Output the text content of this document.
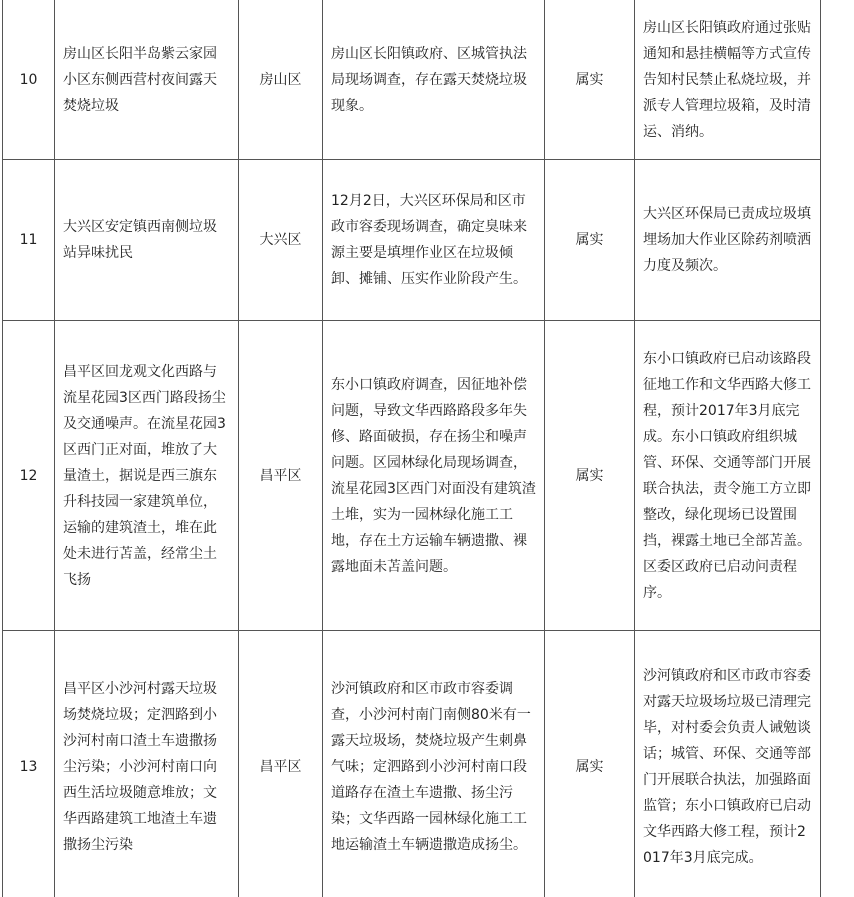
10	房山区长阳半岛紫云家园小区东侧西营村夜间露天焚烧垃圾	房山区	房山区长阳镇政府、区城管执法局现场调查，存在露天焚烧垃圾现象。	属实	房山区长阳镇政府通过张贴通知和悬挂横幅等方式宣传告知村民禁止私烧垃圾，并派专人管理垃圾箱，及时清运、消纳。
11	大兴区安定镇西南侧垃圾站异味扰民	大兴区	12月2日，大兴区环保局和区市政市容委现场调查，确定臭味来源主要是填埋作业区在垃圾倾卸、摊铺、压实作业阶段产生。	属实	大兴区环保局已责成垃圾填埋场加大作业区除药剂喷洒力度及频次。
12	昌平区回龙观文化西路与流星花园3区西门路段扬尘及交通噪声。在流星花园3区西门正对面，堆放了大量渣土，据说是西三旗东升科技园一家建筑单位，运输的建筑渣土，堆在此处未进行苫盖，经常尘土飞扬	昌平区	东小口镇政府调查，因征地补偿问题，导致文华西路路段多年失修、路面破损，存在扬尘和噪声问题。区园林绿化局现场调查，流星花园3区西门对面没有建筑渣土堆，实为一园林绿化施工工地，存在土方运输车辆遗撒、裸露地面未苫盖问题。	属实	东小口镇政府已启动该路段征地工作和文华西路大修工程，预计2017年3月底完成。东小口镇政府组织城管、环保、交通等部门开展联合执法，责令施工方立即整改，绿化现场已设置围挡，裸露土地已全部苫盖。区委区政府已启动问责程序。
13	昌平区小沙河村露天垃圾场焚烧垃圾；定泗路到小沙河村南口渣土车遗撒扬尘污染；小沙河村南口向西生活垃圾随意堆放；文华西路建筑工地渣土车遗撒扬尘污染	昌平区	沙河镇政府和区市政市容委调查，小沙河村南门南侧80米有一露天垃圾场，焚烧垃圾产生刺鼻气味；定泗路到小沙河村南口段道路存在渣土车遗撒、扬尘污染；文华西路一园林绿化施工工地运输渣土车辆遗撒造成扬尘。	属实	沙河镇政府和区市政市容委对露天垃圾场垃圾已清理完毕，对村委会负责人诫勉谈话；城管、环保、交通等部门开展联合执法，加强路面监管；东小口镇政府已启动文华西路大修工程，预计2017年3月底完成。
